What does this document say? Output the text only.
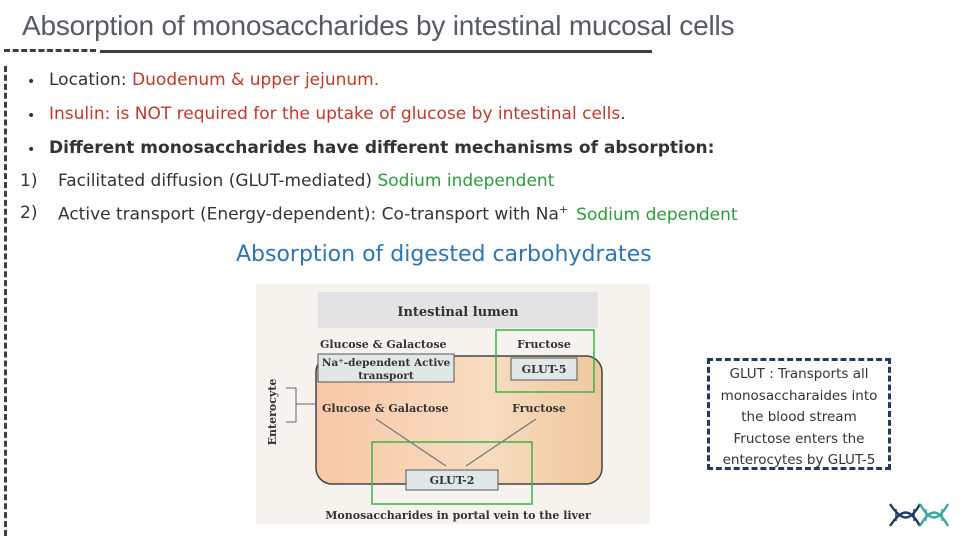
Absorption of monosaccharides by intestinal mucosal cells
• Location: Duodenum & upper jejunum.
• Insulin: is NOT required for the uptake of glucose by intestinal cells.
• Different monosaccharides have different mechanisms of absorption:
1) Facilitated diffusion (GLUT-mediated) Sodium independent
2) Active transport (Energy-dependent): Co-transport with Na+ Sodium dependent
Absorption of digested carbohydrates
Intestinal lumen
Glucose & Galactose	Fructose
Na⁺-dependent Active
transport	GLUT-5
Glucose & Galactose	Fructose
GLUT-2
Enterocyte
Monosaccharides in portal vein to the liver
GLUT : Transports all
monosaccharaides into
the blood stream
Fructose enters the
enterocytes by GLUT-5
